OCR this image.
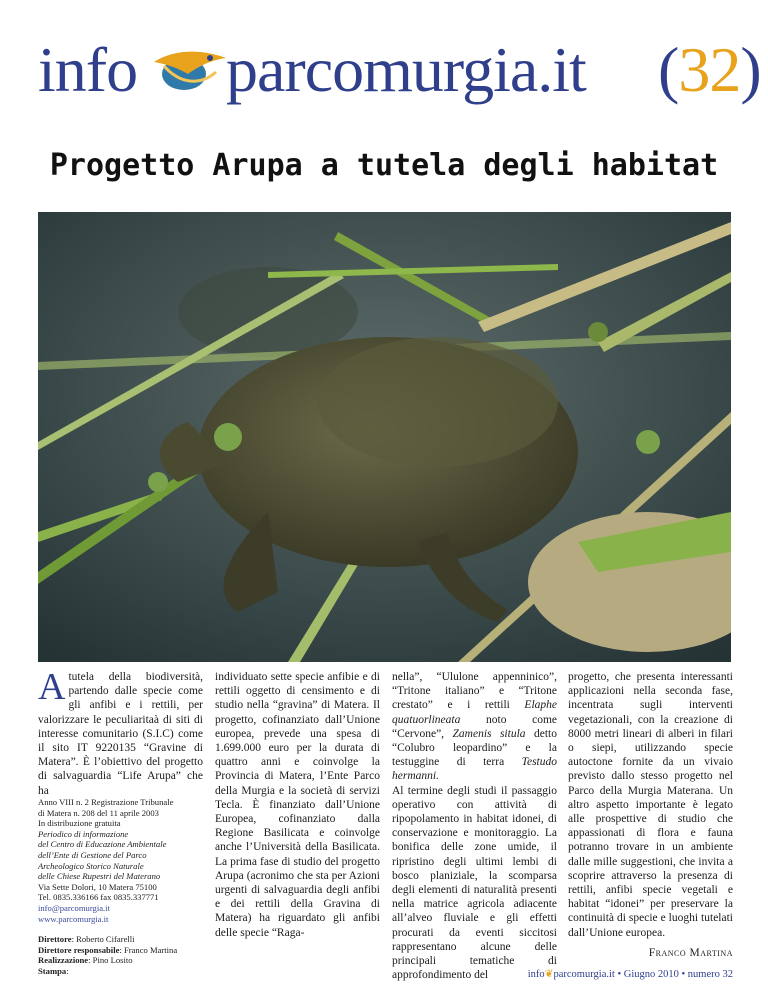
info parcomurgia.it (32)
Progetto Arupa a tutela degli habitat

Atutela della biodiversità, partendo dalle specie come gli anfibi e i rettili, per valorizzare le peculiaritaà di siti di interesse comunitario (S.I.C) come il sito IT 9220135 “Gravine di Matera”. È l’obiettivo del progetto di salvaguardia “Life Arupa” che ha

Anno VIII n. 2 Registrazione Tribunale
di Matera n. 208 del 11 aprile 2003
In distribuzione gratuita
Periodico di informazione
del Centro di Educazione Ambientale
dell’Ente di Gestione del Parco
Archeologico Storico Naturale
delle Chiese Rupestri del Materano
Via Sette Dolori, 10 Matera 75100
Tel. 0835.336166 fax 0835.337771
info@parcomurgia.it
www.parcomurgia.it
Direttore: Roberto Cifarelli
Direttore responsabile: Franco Martina
Realizzazione: Pino Losito
Stampa:

individuato sette specie anfibie e di rettili oggetto di censimento e di studio nella “gravina” di Matera. Il progetto, cofinanziato dall’Unione europea, prevede una spesa di 1.699.000 euro per la durata di quattro anni e coinvolge la Provincia di Matera, l’Ente Parco della Murgia e la società di servizi Tecla. È finanziato dall’Unione Europea, cofinanziato dalla Regione Basilicata e coinvolge anche l’Università della Basilicata. La prima fase di studio del progetto Arupa (acronimo che sta per Azioni urgenti di salvaguardia degli anfibi e dei rettili della Gravina di Matera) ha riguardato gli anfibi delle specie “Raga-

nella”, “Ululone appenninico”, “Tritone italiano” e “Tritone crestato” e i rettili Elaphe quatuorlineata noto come “Cervone”, Zamenis situla detto “Colubro leopardino” e la testuggine di terra Testudo hermanni.

Al termine degli studi il passaggio operativo con attività di ripopolamento in habitat idonei, di conservazione e monitoraggio. La bonifica delle zone umide, il ripristino degli ultimi lembi di bosco planiziale, la scomparsa degli elementi di naturalità presenti nella matrice agricola adiacente all’alveo fluviale e gli effetti procurati da eventi siccitosi rappresentano alcune delle principali tematiche di approfondimento del

progetto, che presenta interessanti applicazioni nella seconda fase, incentrata sugli interventi vegetazionali, con la creazione di 8000 metri lineari di alberi in filari o siepi, utilizzando specie autoctone fornite da un vivaio previsto dallo stesso progetto nel Parco della Murgia Materana. Un altro aspetto importante è legato alle prospettive di studio che appassionati di flora e fauna potranno trovare in un ambiente dalle mille suggestioni, che invita a scoprire attraverso la presenza di rettili, anfibi specie vegetali e habitat “idonei” per preservare la continuità di specie e luoghi tutelati dall’Unione europea.

Franco Martina

info❦parcomurgia.it • Giugno 2010 • numero 32
